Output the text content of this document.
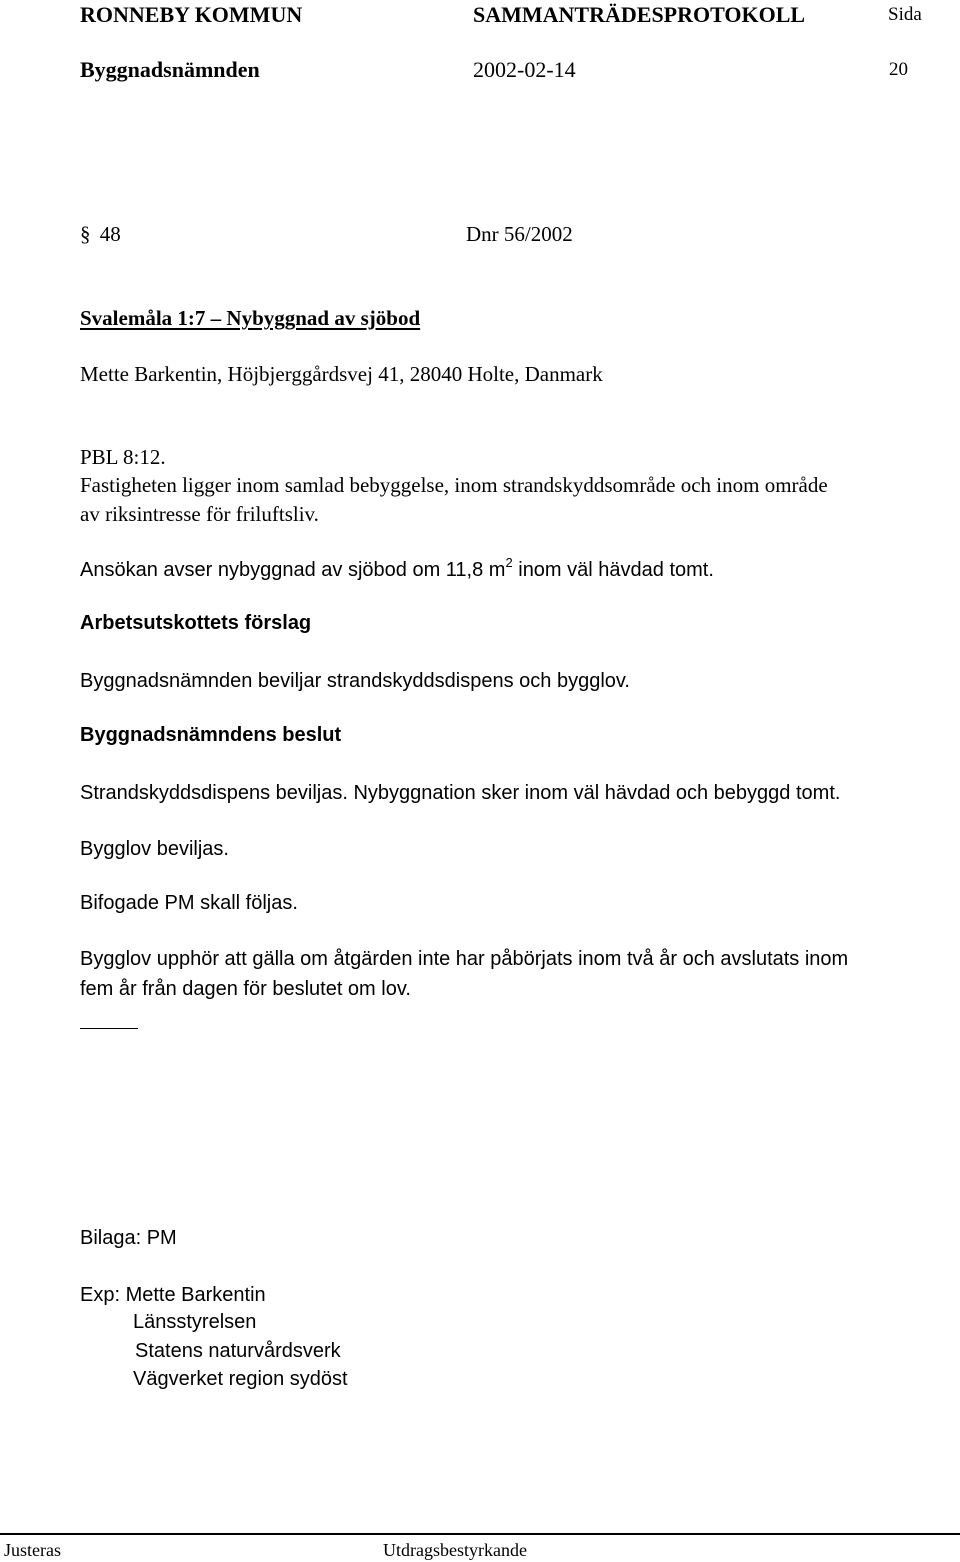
RONNEBY KOMMUN	SAMMANTRÄDESPROTOKOLL	Sida
Byggnadsnämnden	2002-02-14	20
§ 48	Dnr 56/2002
Svalemåla 1:7 – Nybyggnad av sjöbod
Mette Barkentin, Höjbjerggårdsvej 41, 28040 Holte, Danmark
PBL 8:12.
Fastigheten ligger inom samlad bebyggelse, inom strandskyddsområde och inom område
av riksintresse för friluftsliv.
Ansökan avser nybyggnad av sjöbod om 11,8 $m^2$ inom väl hävdad tomt.
Arbetsutskottets förslag
Byggnadsnämnden beviljar strandskyddsdispens och bygglov.
Byggnadsnämndens beslut
Strandskyddsdispens beviljas. Nybyggnation sker inom väl hävdad och bebyggd tomt.
Bygglov beviljas.
Bifogade PM skall följas.
Bygglov upphör att gälla om åtgärden inte har påbörjats inom två år och avslutats inom
fem år från dagen för beslutet om lov.
Bilaga: PM
Exp: Mette Barkentin
Länsstyrelsen
Statens naturvårdsverk
Vägverket region sydöst
Justeras	Utdragsbestyrkande
